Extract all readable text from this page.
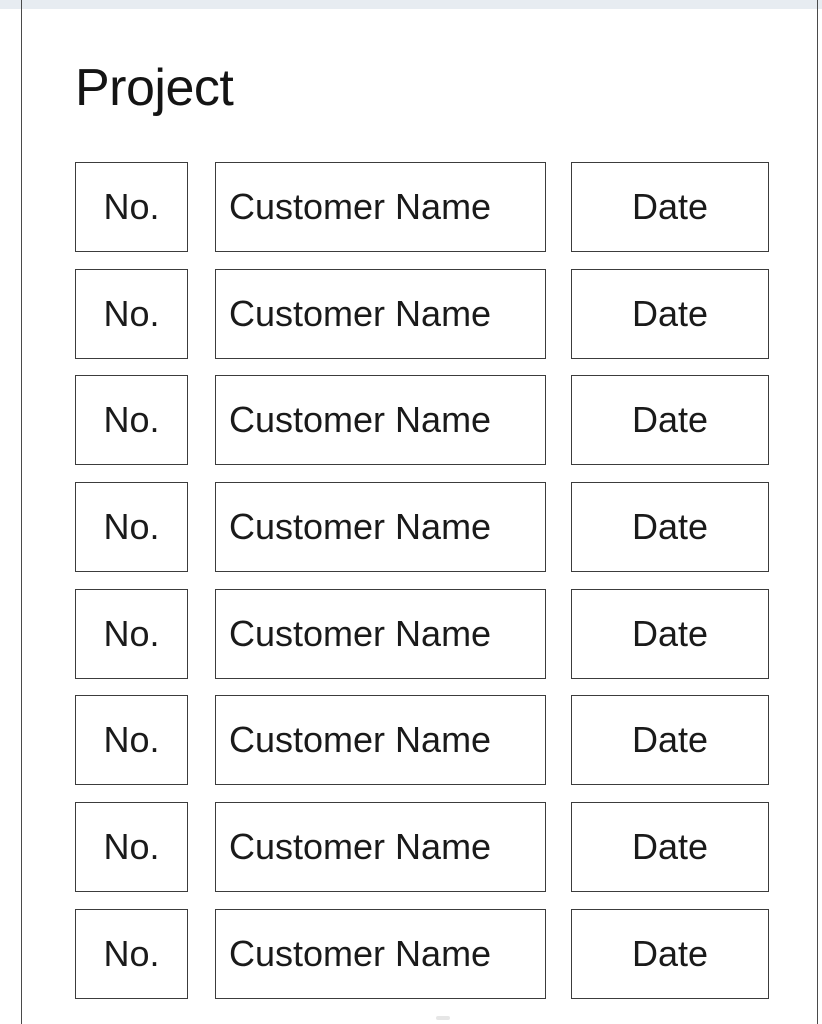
Project
No.	Customer Name	Date
No.	Customer Name	Date
No.	Customer Name	Date
No.	Customer Name	Date
No.	Customer Name	Date
No.	Customer Name	Date
No.	Customer Name	Date
No.	Customer Name	Date
